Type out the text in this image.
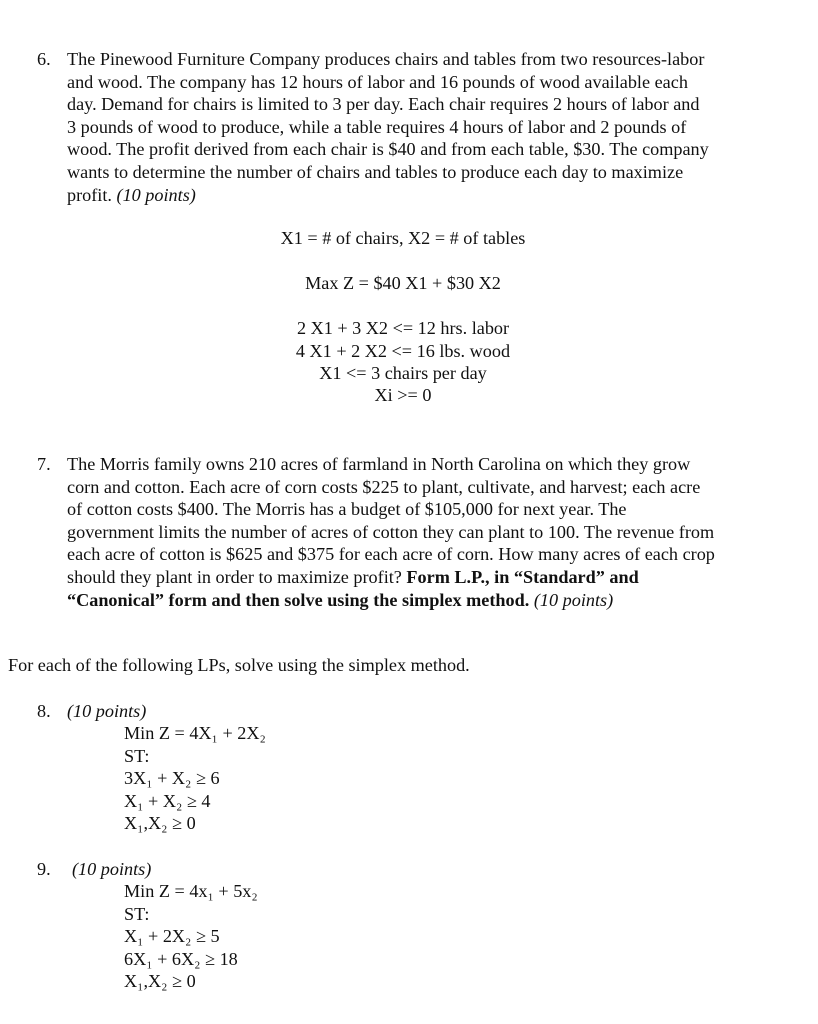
6. The Pinewood Furniture Company produces chairs and tables from two resources-labor
and wood. The company has 12 hours of labor and 16 pounds of wood available each
day. Demand for chairs is limited to 3 per day. Each chair requires 2 hours of labor and
3 pounds of wood to produce, while a table requires 4 hours of labor and 2 pounds of
wood. The profit derived from each chair is $40 and from each table, $30. The company
wants to determine the number of chairs and tables to produce each day to maximize
profit. (10 points)
X1 = # of chairs, X2 = # of tables
Max Z = $40 X1 + $30 X2
2 X1 + 3 X2 <= 12 hrs. labor
4 X1 + 2 X2 <= 16 lbs. wood
X1 <= 3 chairs per day
Xi >= 0
7. The Morris family owns 210 acres of farmland in North Carolina on which they grow
corn and cotton. Each acre of corn costs $225 to plant, cultivate, and harvest; each acre
of cotton costs $400. The Morris has a budget of $105,000 for next year. The
government limits the number of acres of cotton they can plant to 100. The revenue from
each acre of cotton is $625 and $375 for each acre of corn. How many acres of each crop
should they plant in order to maximize profit? Form L.P., in “Standard” and
“Canonical” form and then solve using the simplex method. (10 points)
For each of the following LPs, solve using the simplex method.
8. (10 points)
Min Z = 4X₁ + 2X₂
ST:
3X₁ + X₂ ≥ 6
X₁ + X₂ ≥ 4
X₁,X₂ ≥ 0
9. (10 points)
Min Z = 4x₁ + 5x₂
ST:
X₁ + 2X₂ ≥ 5
6X₁ + 6X₂ ≥ 18
X₁,X₂ ≥ 0
